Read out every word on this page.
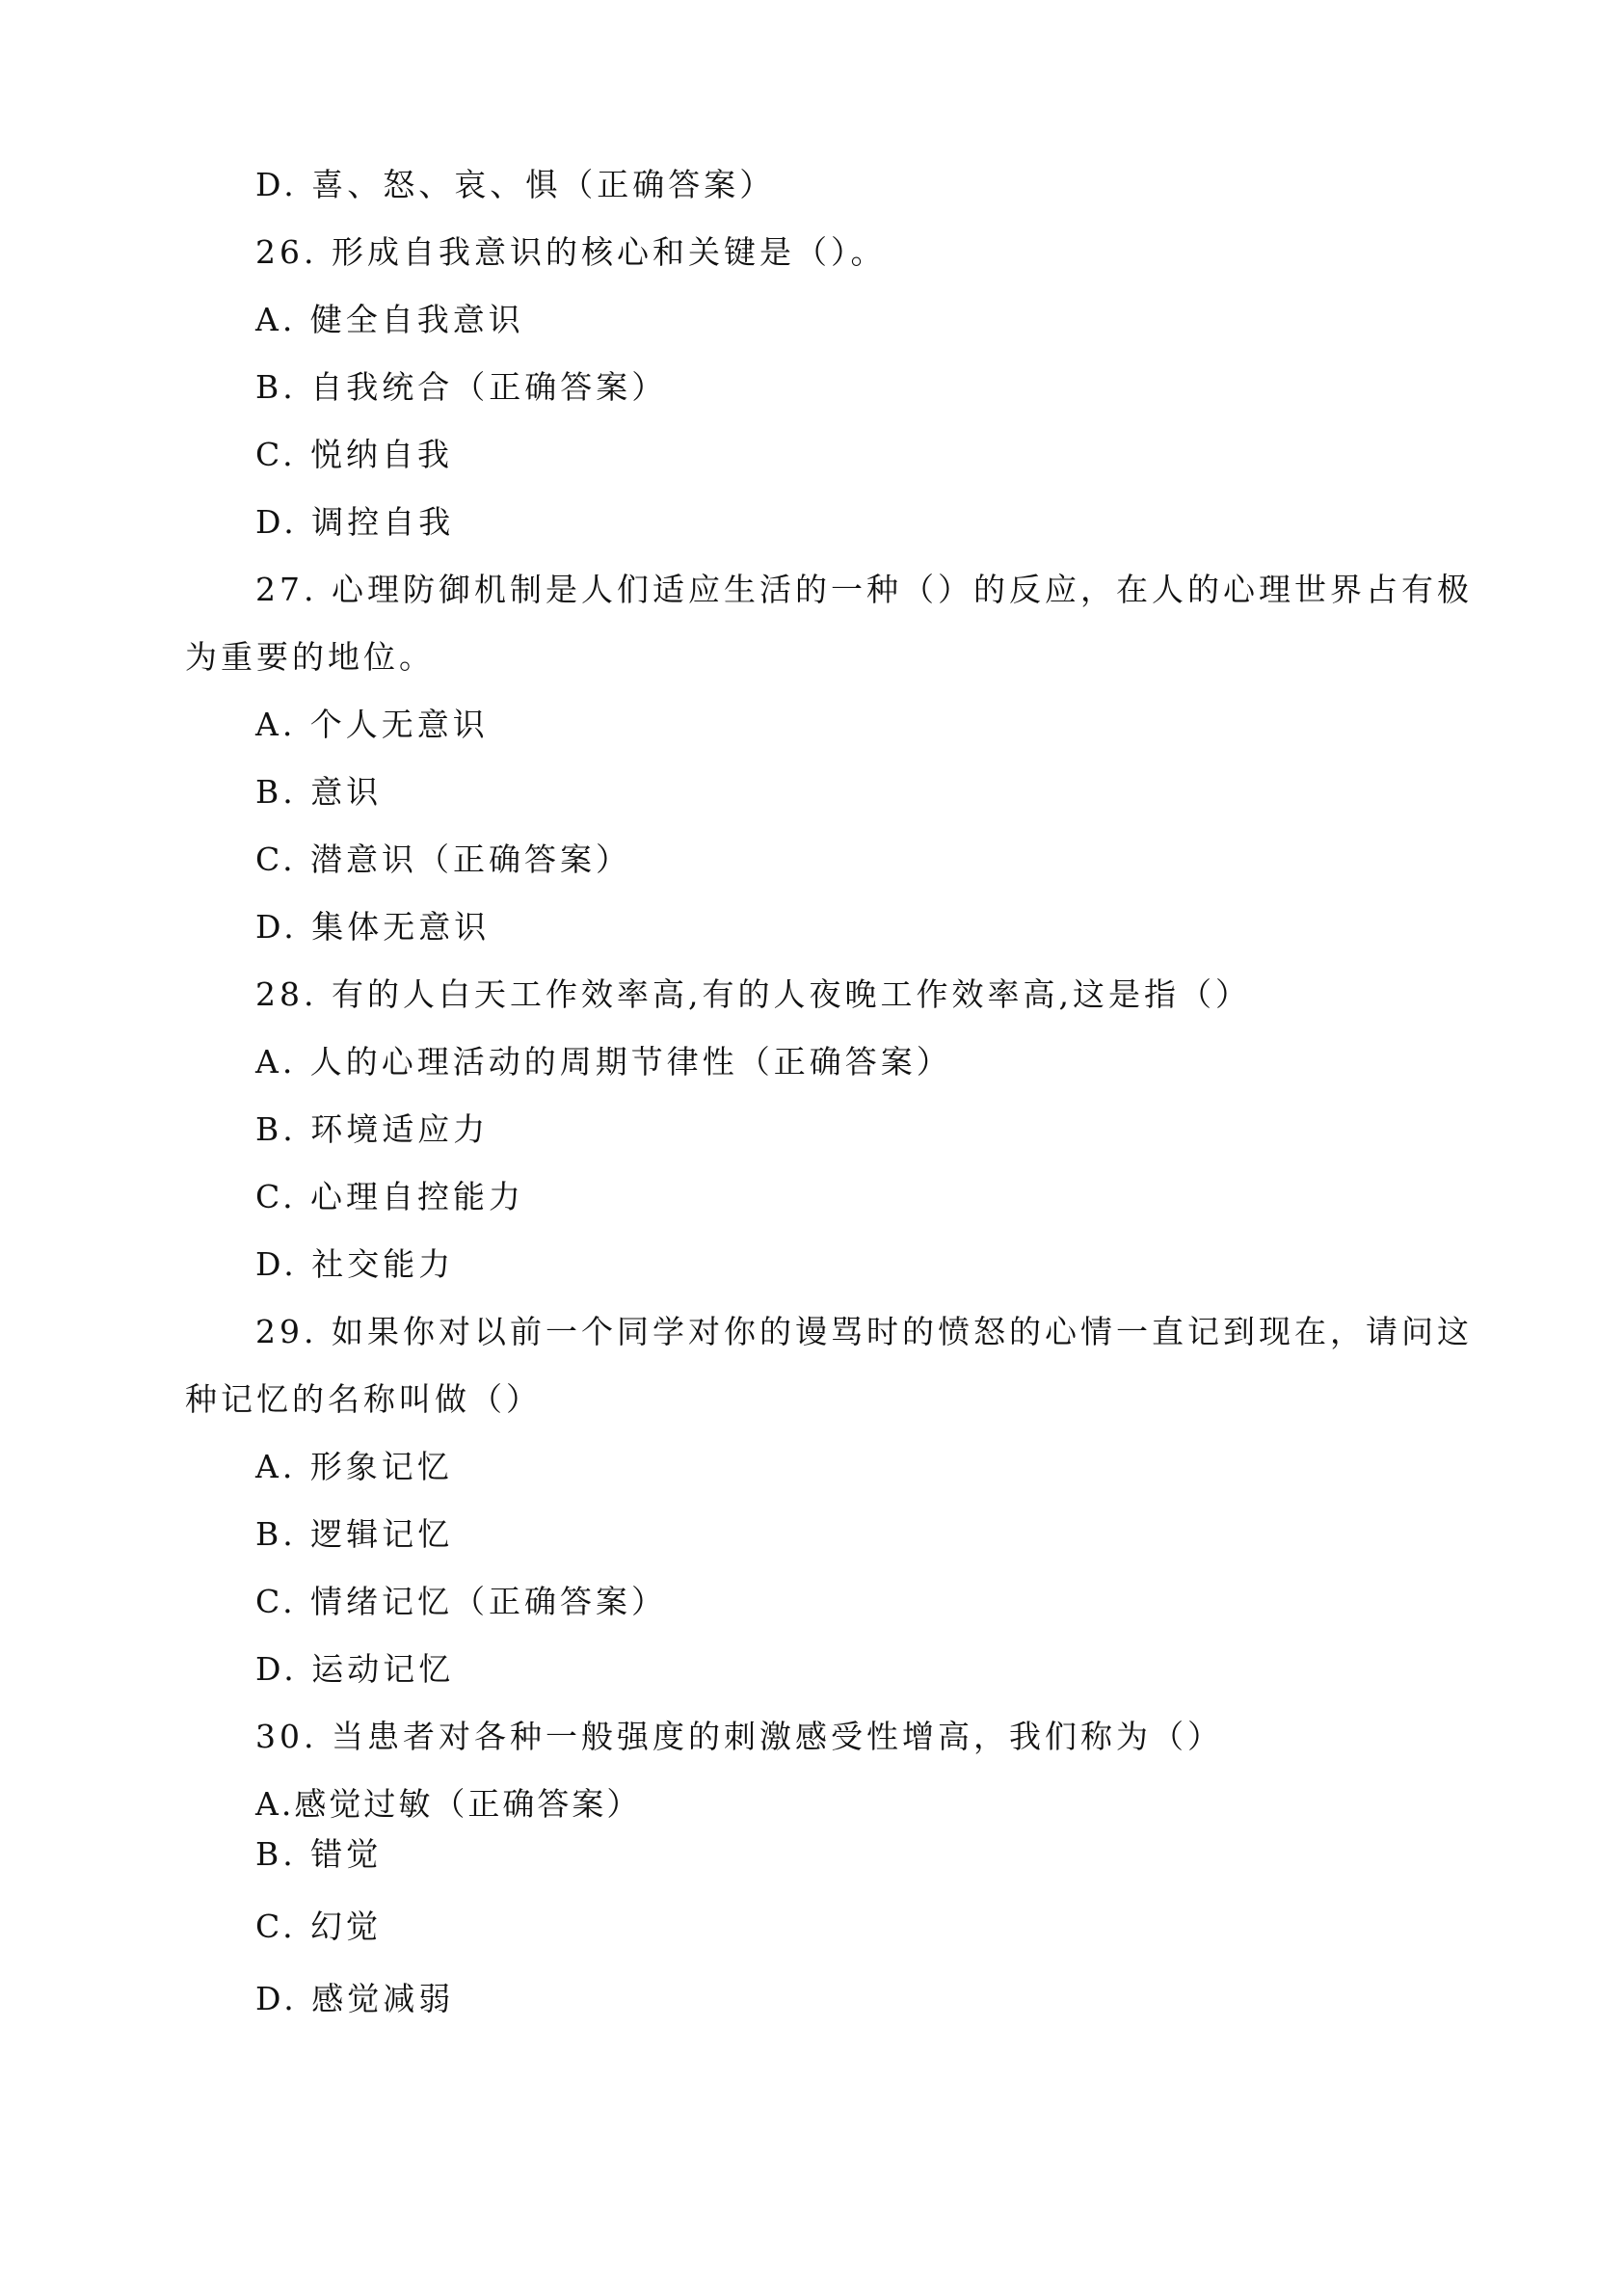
D. 喜、怒、哀、惧（正确答案）
26. 形成自我意识的核心和关键是（）。
A. 健全自我意识
B. 自我统合（正确答案）
C. 悦纳自我
D. 调控自我
27. 心理防御机制是人们适应生活的一种（）的反应，在人的心理世界占有极
为重要的地位。
A. 个人无意识
B. 意识
C. 潜意识（正确答案）
D. 集体无意识
28. 有的人白天工作效率高,有的人夜晚工作效率高,这是指（）
A. 人的心理活动的周期节律性（正确答案）
B. 环境适应力
C. 心理自控能力
D. 社交能力
29. 如果你对以前一个同学对你的谩骂时的愤怒的心情一直记到现在，请问这
种记忆的名称叫做（）
A. 形象记忆
B. 逻辑记忆
C. 情绪记忆（正确答案）
D. 运动记忆
30. 当患者对各种一般强度的刺激感受性增高，我们称为（）
A.感觉过敏（正确答案）
B. 错觉
C. 幻觉
D. 感觉减弱
